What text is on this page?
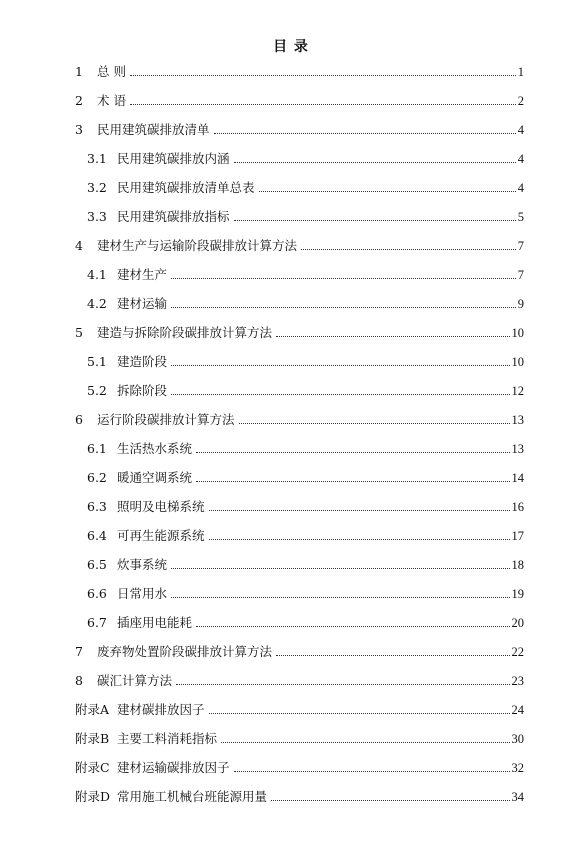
目 录
1 总 则	1
2 术 语	2
3 民用建筑碳排放清单	4
3.1 民用建筑碳排放内涵	4
3.2 民用建筑碳排放清单总表	4
3.3 民用建筑碳排放指标	5
4 建材生产与运输阶段碳排放计算方法	7
4.1 建材生产	7
4.2 建材运输	9
5 建造与拆除阶段碳排放计算方法	10
5.1 建造阶段	10
5.2 拆除阶段	12
6 运行阶段碳排放计算方法	13
6.1 生活热水系统	13
6.2 暖通空调系统	14
6.3 照明及电梯系统	16
6.4 可再生能源系统	17
6.5 炊事系统	18
6.6 日常用水	19
6.7 插座用电能耗	20
7 废弃物处置阶段碳排放计算方法	22
8 碳汇计算方法	23
附录A 建材碳排放因子	24
附录B 主要工料消耗指标	30
附录C 建材运输碳排放因子	32
附录D 常用施工机械台班能源用量	34
